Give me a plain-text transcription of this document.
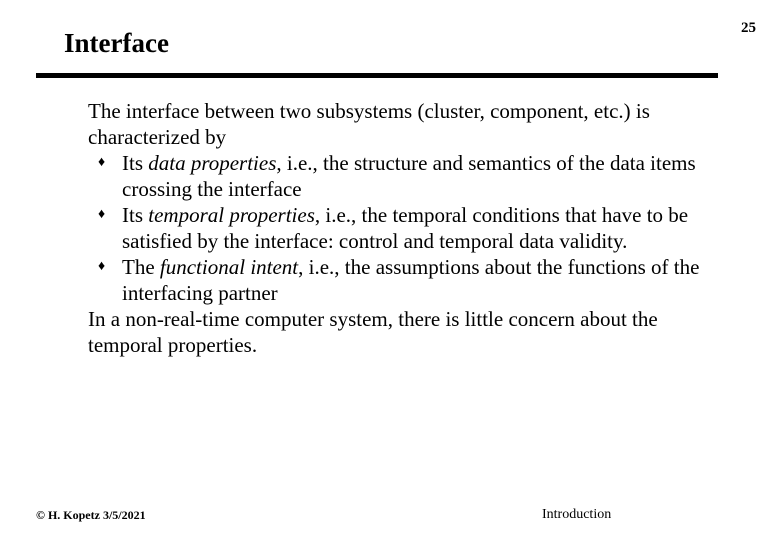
25
Interface

The interface between two subsystems (cluster, component, etc.) is characterized by

♦ Its data properties, i.e., the structure and semantics of the data items crossing the interface

♦ Its temporal properties, i.e., the temporal conditions that have to be satisfied by the interface: control and temporal data validity.

♦ The functional intent, i.e., the assumptions about the functions of the interfacing partner

In a non-real-time computer system, there is little concern about the temporal properties.

© H. Kopetz 3/5/2021	Introduction
